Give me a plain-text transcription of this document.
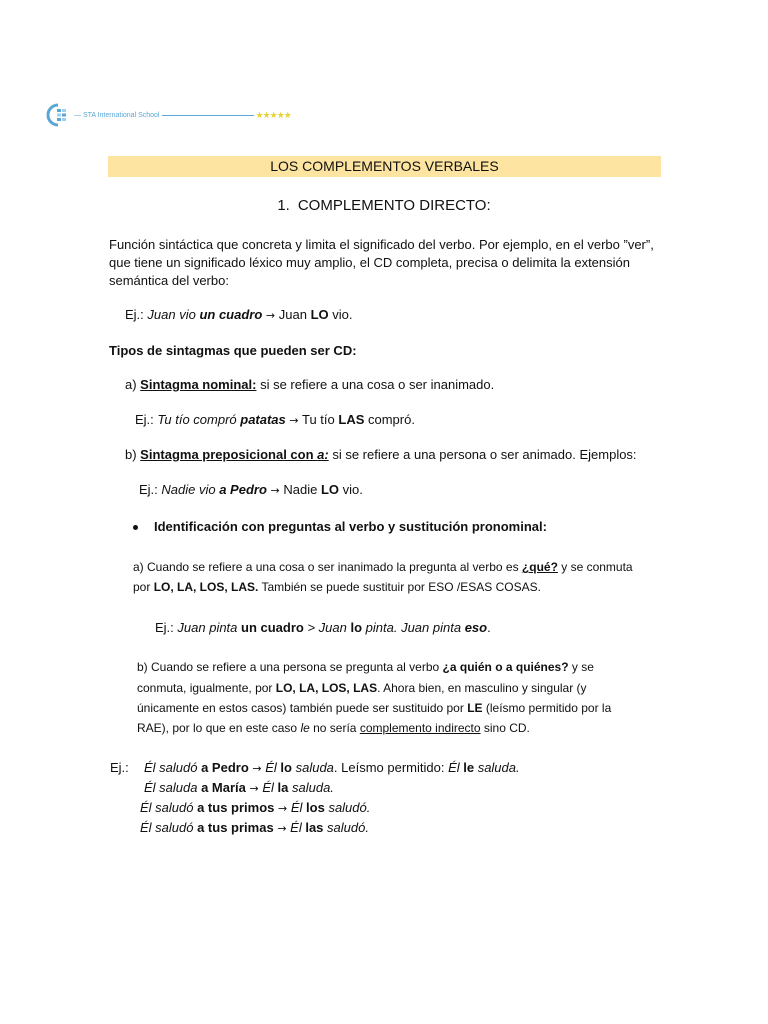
— STA International School	★★★★★
LOS COMPLEMENTOS VERBALES
1. COMPLEMENTO DIRECTO:
Función sintáctica que concreta y limita el significado del verbo. Por ejemplo, en el verbo ”ver”, que tiene un significado léxico muy amplio, el CD completa, precisa o delimita la extensión semántica del verbo:
Ej.: Juan vio un cuadro → Juan LO vio.
Tipos de sintagmas que pueden ser CD:
a) Sintagma nominal: si se refiere a una cosa o ser inanimado.
Ej.: Tu tío compró patatas → Tu tío LAS compró.
b) Sintagma preposicional con a: si se refiere a una persona o ser animado. Ejemplos:
Ej.: Nadie vio a Pedro → Nadie LO vio.
Identificación con preguntas al verbo y sustitución pronominal:
a) Cuando se refiere a una cosa o ser inanimado la pregunta al verbo es ¿qué? y se conmuta
por LO, LA, LOS, LAS. También se puede sustituir por ESO /ESAS COSAS.
Ej.: Juan pinta un cuadro > Juan lo pinta. Juan pinta eso.
b) Cuando se refiere a una persona se pregunta al verbo ¿a quién o a quiénes? y se
conmuta, igualmente, por LO, LA, LOS, LAS. Ahora bien, en masculino y singular (y
únicamente en estos casos) también puede ser sustituido por LE (leísmo permitido por la
RAE), por lo que en este caso le no sería complemento indirecto sino CD.
Ej.: Él saludó a Pedro → Él lo saluda. Leísmo permitido: Él le saluda.
Él saluda a María → Él la saluda.
Él saludó a tus primos → Él los saludó.
Él saludó a tus primas → Él las saludó.
